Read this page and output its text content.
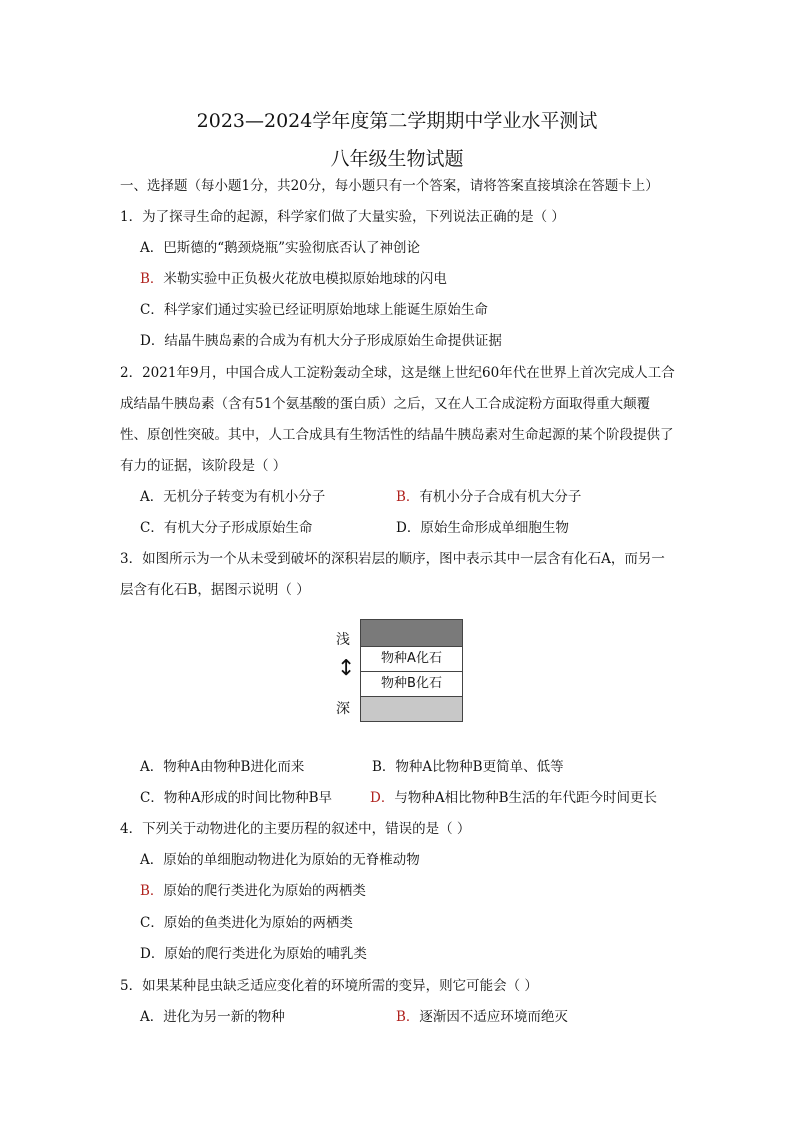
2023—2024学年度第二学期期中学业水平测试
八年级生物试题
一、选择题（每小题1分，共20分，每小题只有一个答案，请将答案直接填涂在答题卡上）
1．为了探寻生命的起源，科学家们做了大量实验，下列说法正确的是（ ）
A．巴斯德的“鹅颈烧瓶”实验彻底否认了神创论
B．米勒实验中正负极火花放电模拟原始地球的闪电
C．科学家们通过实验已经证明原始地球上能诞生原始生命
D．结晶牛胰岛素的合成为有机大分子形成原始生命提供证据
2．2021年9月，中国合成人工淀粉轰动全球，这是继上世纪60年代在世界上首次完成人工合
成结晶牛胰岛素（含有51个氨基酸的蛋白质）之后，又在人工合成淀粉方面取得重大颠覆
性、原创性突破。其中，人工合成具有生物活性的结晶牛胰岛素对生命起源的某个阶段提供了
有力的证据，该阶段是（ ）
A．无机分子转变为有机小分子	B．有机小分子合成有机大分子
C．有机大分子形成原始生命	D．原始生命形成单细胞生物
3．如图所示为一个从未受到破坏的深积岩层的顺序，图中表示其中一层含有化石A，而另一
层含有化石B，据图示说明（ ）
浅
↕
深
物种A化石
物种B化石
A．物种A由物种B进化而来	B．物种A比物种B更简单、低等
C．物种A形成的时间比物种B早	D．与物种A相比物种B生活的年代距今时间更长
4．下列关于动物进化的主要历程的叙述中，错误的是（ ）
A．原始的单细胞动物进化为原始的无脊椎动物
B．原始的爬行类进化为原始的两栖类
C．原始的鱼类进化为原始的两栖类
D．原始的爬行类进化为原始的哺乳类
5．如果某种昆虫缺乏适应变化着的环境所需的变异，则它可能会（ ）
A．进化为另一新的物种	B．逐渐因不适应环境而绝灭
